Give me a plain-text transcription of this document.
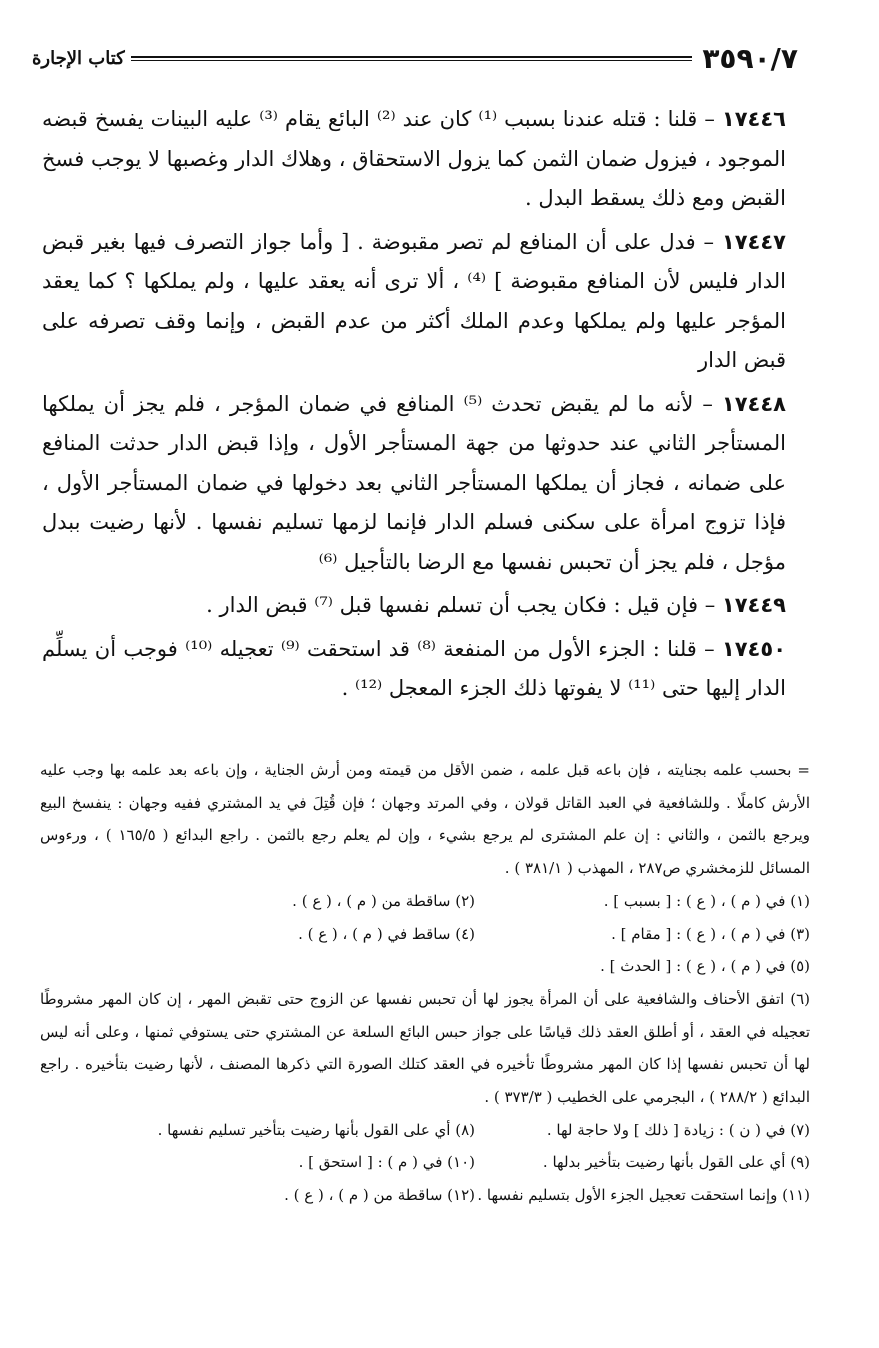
٣٥٩٠/٧
كتاب الإجارة

١٧٤٤٦ – قلنا : قتله عندنا بسبب ⁽¹⁾ كان عند ⁽²⁾ البائع يقام ⁽³⁾ عليه البينات يفسخ قبضه الموجود ، فيزول ضمان الثمن كما يزول الاستحقاق ، وهلاك الدار وغصبها لا يوجب فسخ القبض ومع ذلك يسقط البدل .

١٧٤٤٧ – فدل على أن المنافع لم تصر مقبوضة . [ وأما جواز التصرف فيها بغير قبض الدار فليس لأن المنافع مقبوضة ] ⁽⁴⁾ ، ألا ترى أنه يعقد عليها ، ولم يملكها ؟ كما يعقد المؤجر عليها ولم يملكها وعدم الملك أكثر من عدم القبض ، وإنما وقف تصرفه على قبض الدار

١٧٤٤٨ – لأنه ما لم يقبض تحدث ⁽⁵⁾ المنافع في ضمان المؤجر ، فلم يجز أن يملكها المستأجر الثاني عند حدوثها من جهة المستأجر الأول ، وإذا قبض الدار حدثت المنافع على ضمانه ، فجاز أن يملكها المستأجر الثاني بعد دخولها في ضمان المستأجر الأول ، فإذا تزوج امرأة على سكنى فسلم الدار فإنما لزمها تسليم نفسها . لأنها رضيت ببدل مؤجل ، فلم يجز أن تحبس نفسها مع الرضا بالتأجيل ⁽⁶⁾

١٧٤٤٩ – فإن قيل : فكان يجب أن تسلم نفسها قبل ⁽⁷⁾ قبض الدار .

١٧٤٥٠ – قلنا : الجزء الأول من المنفعة ⁽⁸⁾ قد استحقت ⁽⁹⁾ تعجيله ⁽¹⁰⁾ فوجب أن يسلِّم الدار إليها حتى ⁽¹¹⁾ لا يفوتها ذلك الجزء المعجل ⁽¹²⁾ .

= بحسب علمه بجنايته ، فإن باعه قبل علمه ، ضمن الأقل من قيمته ومن أرش الجناية ، وإن باعه بعد علمه بها وجب عليه الأرش كاملًا . وللشافعية في العبد القاتل قولان ، وفي المرتد وجهان ؛ فإن قُتِلَ في يد المشتري ففيه وجهان : ينفسخ البيع ويرجع بالثمن ، والثاني : إن علم المشترى لم يرجع بشيء ، وإن لم يعلم رجع بالثمن . راجع البدائع ( ١٦٥/٥ ) ، ورءوس المسائل للزمخشري ص٢٨٧ ، المهذب ( ٣٨١/١ ) .

(١) في ( م ) ، ( ع ) : [ بسبب ] .
(٢) ساقطة من ( م ) ، ( ع ) .
(٣) في ( م ) ، ( ع ) : [ مقام ] .
(٤) ساقط في ( م ) ، ( ع ) .
(٥) في ( م ) ، ( ع ) : [ الحدث ] .

(٦) اتفق الأحناف والشافعية على أن المرأة يجوز لها أن تحبس نفسها عن الزوج حتى تقبض المهر ، إن كان المهر مشروطًا تعجيله في العقد ، أو أطلق العقد ذلك قياسًا على جواز حبس البائع السلعة عن المشتري حتى يستوفي ثمنها ، وعلى أنه ليس لها أن تحبس نفسها إذا كان المهر مشروطًا تأخيره في العقد كتلك الصورة التي ذكرها المصنف ، لأنها رضيت بتأخيره . راجع البدائع ( ٢٨٨/٢ ) ، البجرمي على الخطيب ( ٣٧٣/٣ ) .

(٧) في ( ن ) : زيادة [ ذلك ] ولا حاجة لها .
(٨) أي على القول بأنها رضيت بتأخير تسليم نفسها .
(٩) أي على القول بأنها رضيت بتأخير بدلها .
(١٠) في ( م ) : [ استحق ] .
(١١) وإنما استحقت تعجيل الجزء الأول بتسليم نفسها .
(١٢) ساقطة من ( م ) ، ( ع ) .
